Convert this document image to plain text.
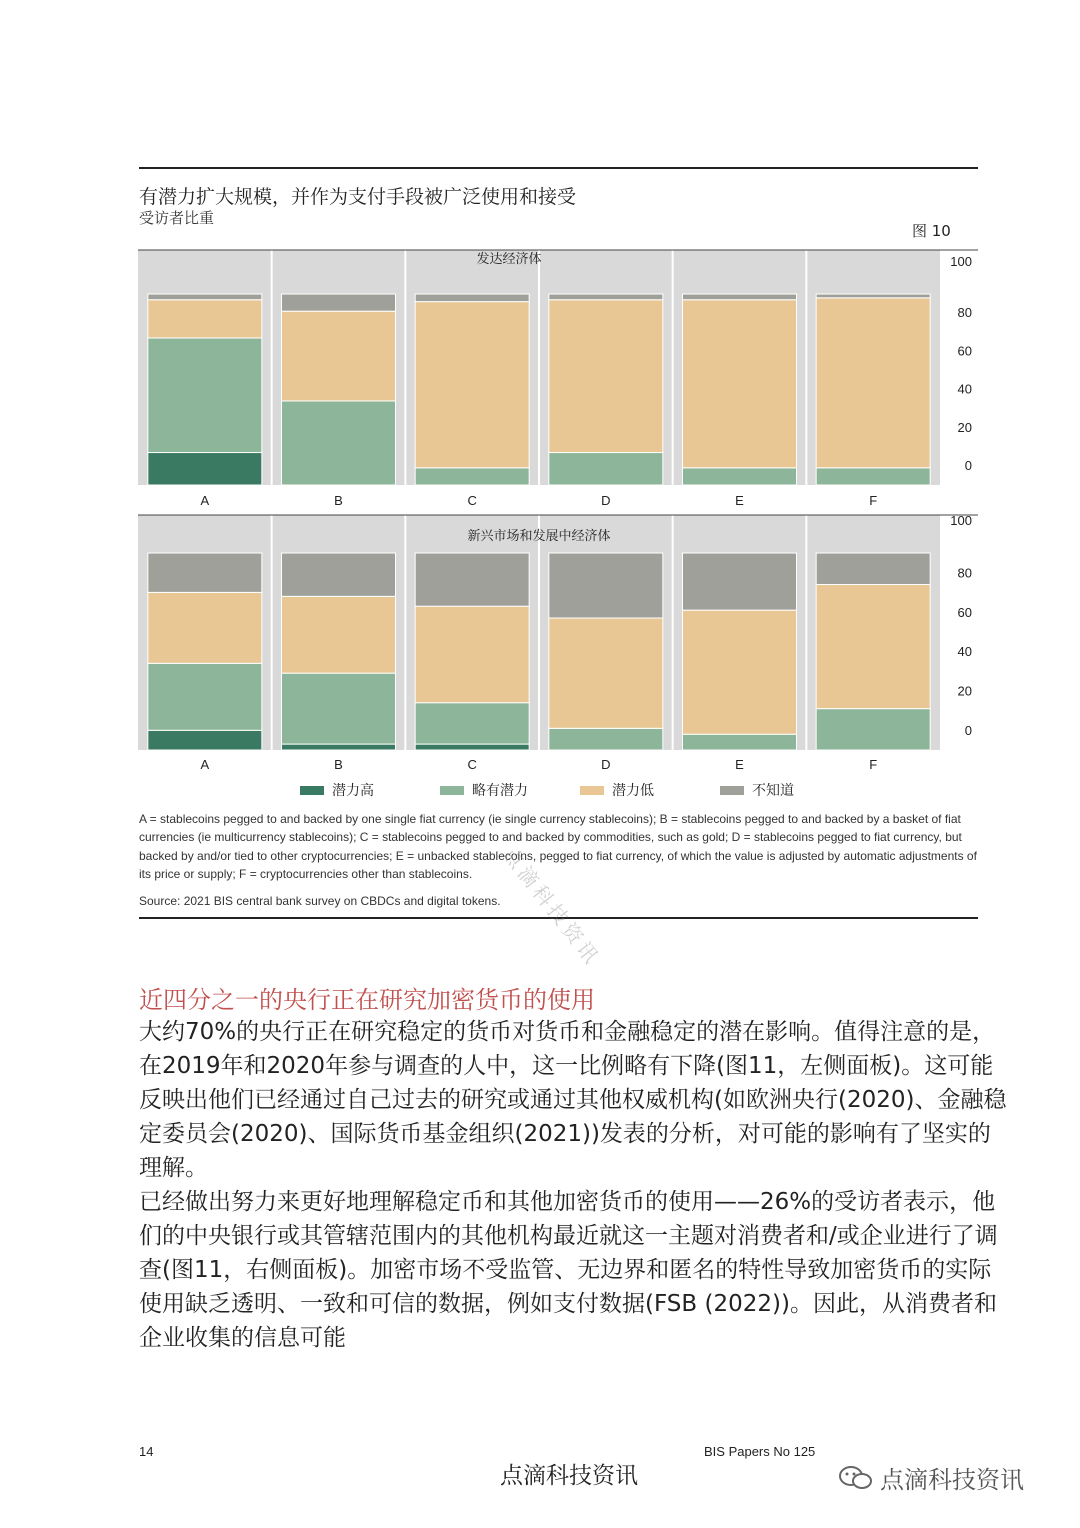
有潜力扩大规模，并作为支付手段被广泛使用和接受
受访者比重
图 10
发达经济体
A	B	C	D	E	F
0
20
40
60
80
100
新兴市场和发展中经济体
A	B	C	D	E	F
0
20
40
60
80
100
潜力高	略有潜力	潜力低	不知道
A = stablecoins pegged to and backed by one single fiat currency (ie single currency stablecoins); B = stablecoins pegged to and backed by a basket of fiat currencies (ie multicurrency stablecoins); C = stablecoins pegged to and backed by commodities, such as gold; D = stablecoins pegged to fiat currency, but backed by and/or tied to other cryptocurrencies; E = unbacked stablecoins, pegged to fiat currency, of which the value is adjusted by automatic adjustments of its price or supply; F = cryptocurrencies other than stablecoins.
Source: 2021 BIS central bank survey on CBDCs and digital tokens.
点滴科技资讯
近四分之一的央行正在研究加密货币的使用

大约70%的央行正在研究稳定的货币对货币和金融稳定的潜在影响。值得注意的是，在2019年和2020年参与调查的人中，这一比例略有下降(图11，左侧面板)。这可能反映出他们已经通过自己过去的研究或通过其他权威机构(如欧洲央行(2020)、金融稳定委员会(2020)、国际货币基金组织(2021))发表的分析，对可能的影响有了坚实的理解。

已经做出努力来更好地理解稳定币和其他加密货币的使用——26%的受访者表示，他们的中央银行或其管辖范围内的其他机构最近就这一主题对消费者和/或企业进行了调查(图11，右侧面板)。加密市场不受监管、无边界和匿名的特性导致加密货币的实际使用缺乏透明、一致和可信的数据，例如支付数据(FSB (2022))。因此，从消费者和企业收集的信息可能

14	BIS Papers No 125
点滴科技资讯	点滴科技资讯
